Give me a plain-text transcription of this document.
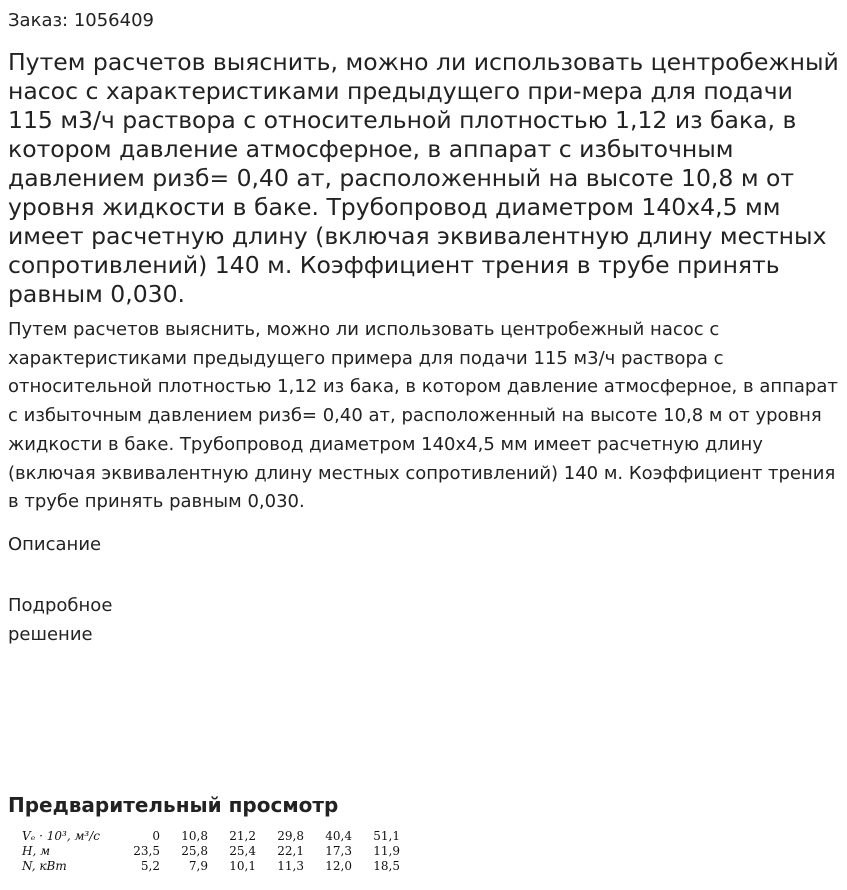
Заказ: 1056409
Путем расчетов выяснить, можно ли использовать центробежный насос с характеристиками предыдущего при-мера для подачи 115 м3/ч раствора с относительной плотностью 1,12 из бака, в котором давление атмосферное, в аппарат с избыточным давлением ризб= 0,40 ат, расположенный на высоте 10,8 м от уровня жидкости в баке. Трубопровод диаметром 140x4,5 мм имеет расчетную длину (включая эквивалентную длину местных сопротивлений) 140 м. Коэффициент трения в трубе принять равным 0,030.

Путем расчетов выяснить, можно ли использовать центробежный насос с характеристиками предыдущего примера для подачи 115 м3/ч раствора с относительной плотностью 1,12 из бака, в котором давление атмосферное, в аппарат с избыточным давлением ризб= 0,40 ат, расположенный на высоте 10,8 м от уровня жидкости в баке. Трубопровод диаметром 140x4,5 мм имеет расчетную длину (включая эквивалентную длину местных сопротивлений) 140 м. Коэффициент трения в трубе принять равным 0,030.

Описание
Подробное решение
Предварительный просмотр
Vₑ · 10³, м³/с	0	10,8	21,2	29,8	40,4	51,1
H, м	23,5	25,8	25,4	22,1	17,3	11,9
N, кВт	5,2	7,9	10,1	11,3	12,0	18,5
